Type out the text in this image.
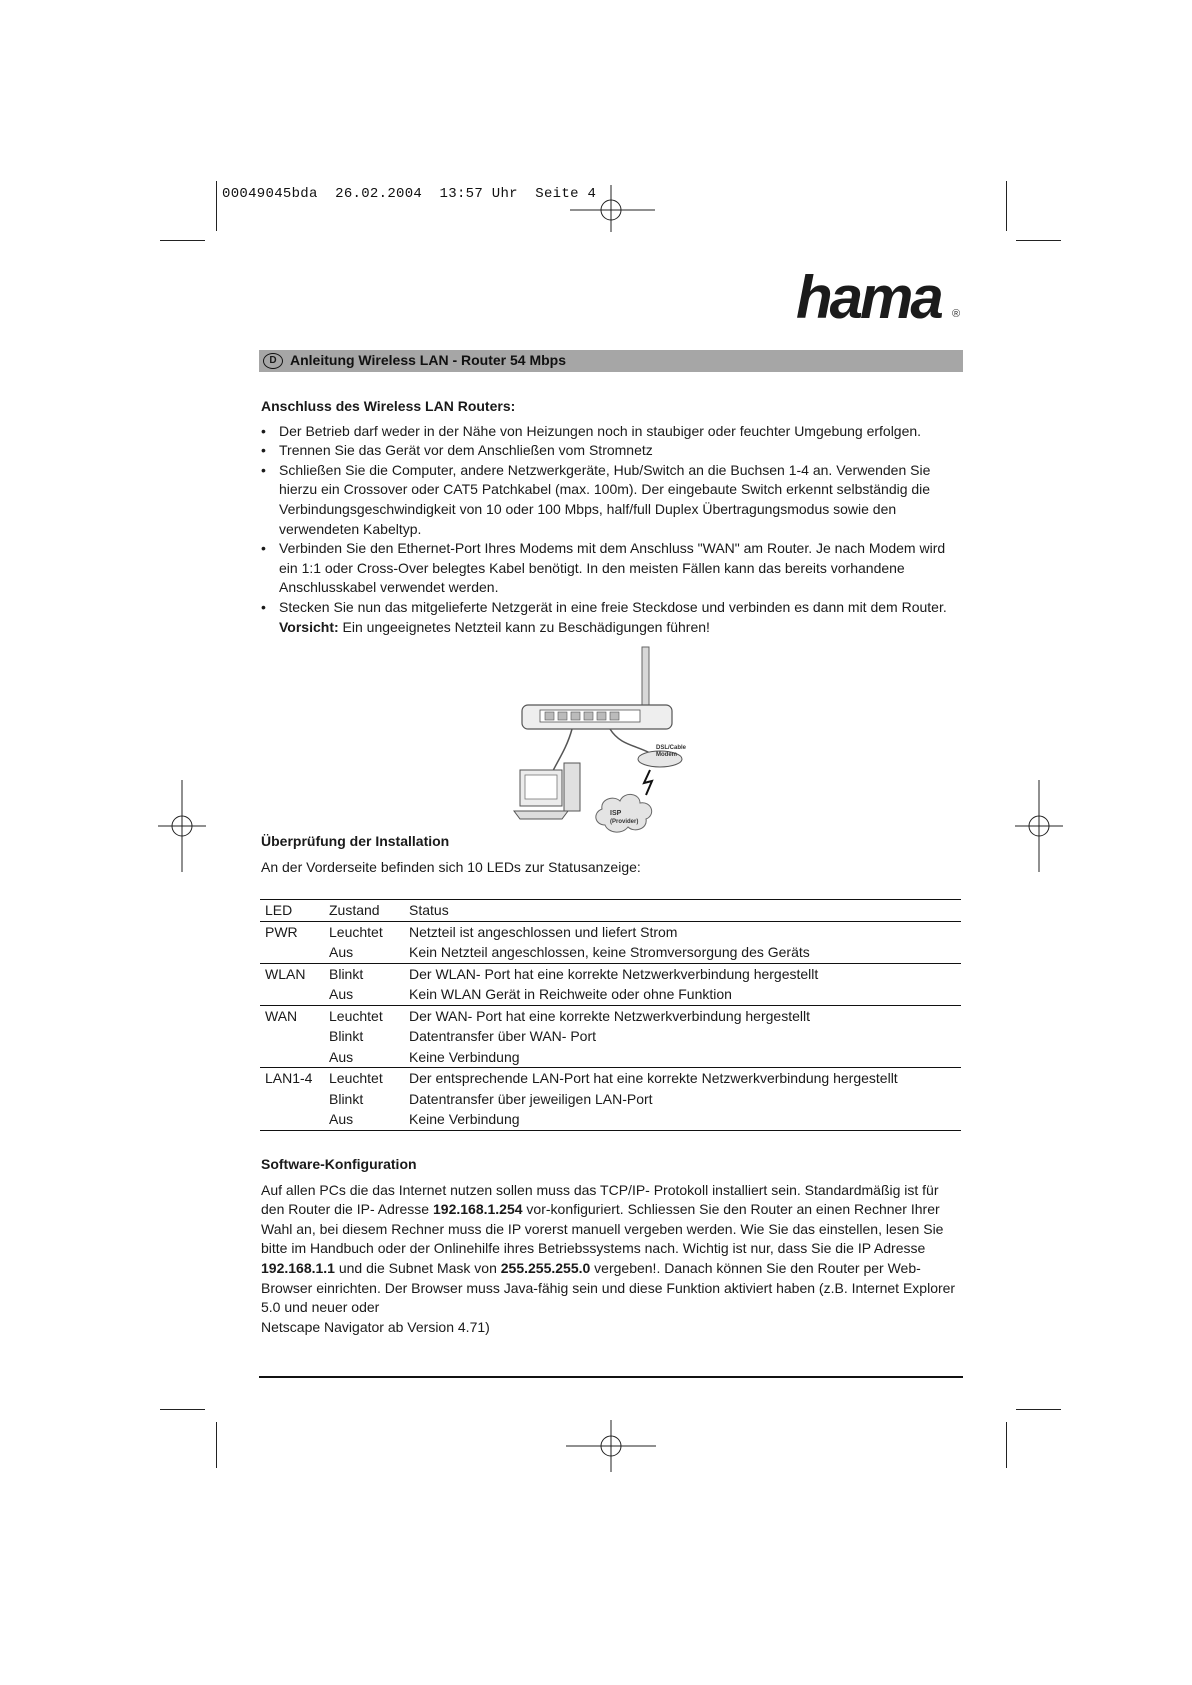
00049045bda 26.02.2004 13:57 Uhr Seite 4
hama ®
D Anleitung Wireless LAN - Router 54 Mbps
Anschluss des Wireless LAN Routers:
• Der Betrieb darf weder in der Nähe von Heizungen noch in staubiger oder feuchter Umgebung erfolgen.
• Trennen Sie das Gerät vor dem Anschließen vom Stromnetz
• Schließen Sie die Computer, andere Netzwerkgeräte, Hub/Switch an die Buchsen 1-4 an. Verwenden Sie hierzu ein Crossover oder CAT5 Patchkabel (max. 100m). Der eingebaute Switch erkennt selbständig die Verbindungsgeschwindigkeit von 10 oder 100 Mbps, half/full Duplex Übertragungsmodus sowie den verwendeten Kabeltyp.
• Verbinden Sie den Ethernet-Port Ihres Modems mit dem Anschluss "WAN" am Router. Je nach Modem wird ein 1:1 oder Cross-Over belegtes Kabel benötigt. In den meisten Fällen kann das bereits vorhandene Anschlusskabel verwendet werden.
• Stecken Sie nun das mitgelieferte Netzgerät in eine freie Steckdose und verbinden es dann mit dem Router. Vorsicht: Ein ungeeignetes Netzteil kann zu Beschädigungen führen!
DSL/Cable
Modem
ISP
(Provider)
Überprüfung der Installation
An der Vorderseite befinden sich 10 LEDs zur Statusanzeige:
LED	Zustand	Status
PWR	Leuchtet	Netzteil ist angeschlossen und liefert Strom
	Aus	Kein Netzteil angeschlossen, keine Stromversorgung des Geräts
WLAN	Blinkt	Der WLAN- Port hat eine korrekte Netzwerkverbindung hergestellt
	Aus	Kein WLAN Gerät in Reichweite oder ohne Funktion
WAN	Leuchtet	Der WAN- Port hat eine korrekte Netzwerkverbindung hergestellt
	Blinkt	Datentransfer über WAN- Port
	Aus	Keine Verbindung
LAN1-4	Leuchtet	Der entsprechende LAN-Port hat eine korrekte Netzwerkverbindung hergestellt
	Blinkt	Datentransfer über jeweiligen LAN-Port
	Aus	Keine Verbindung
Software-Konfiguration
Auf allen PCs die das Internet nutzen sollen muss das TCP/IP- Protokoll installiert sein. Standardmäßig ist für den Router die IP- Adresse 192.168.1.254 vor-konfiguriert. Schliessen Sie den Router an einen Rechner Ihrer Wahl an, bei diesem Rechner muss die IP vorerst manuell vergeben werden. Wie Sie das einstellen, lesen Sie bitte im Handbuch oder der Onlinehilfe ihres Betriebssystems nach. Wichtig ist nur, dass Sie die IP Adresse 192.168.1.1 und die Subnet Mask von 255.255.255.0 vergeben!. Danach können Sie den Router per Web-Browser einrichten. Der Browser muss Java-fähig sein und diese Funktion aktiviert haben (z.B. Internet Explorer 5.0 und neuer oder
Netscape Navigator ab Version 4.71)
